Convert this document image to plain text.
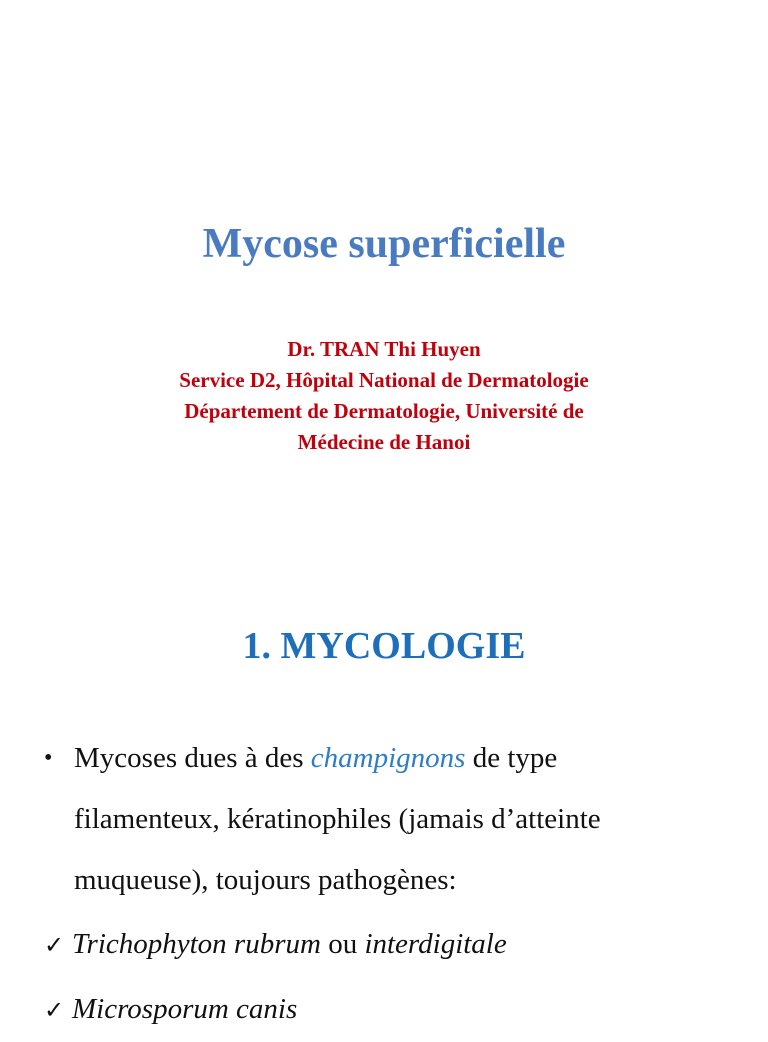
Mycose superficielle
Dr. TRAN Thi Huyen
Service D2, Hôpital National de Dermatologie
Département de Dermatologie, Université de
Médecine de Hanoi
1. MYCOLOGIE
• Mycoses dues à des champignons de type
filamenteux, kératinophiles (jamais d’atteinte
muqueuse), toujours pathogènes:
✓ Trichophyton rubrum ou interdigitale
✓ Microsporum canis
